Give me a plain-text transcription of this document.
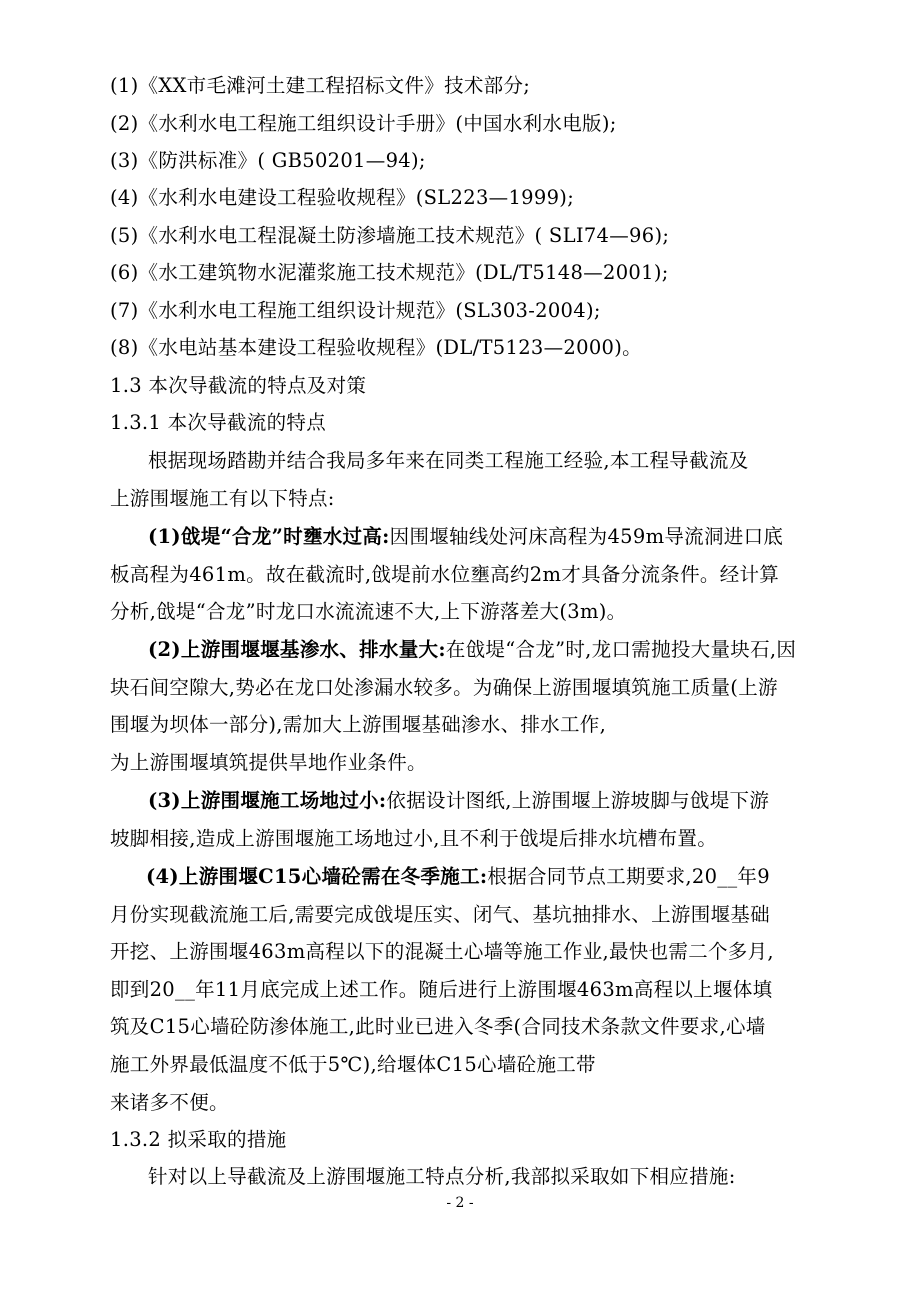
(1)《XX市毛滩河土建工程招标文件》技术部分;
(2)《水利水电工程施工组织设计手册》(中国水利水电版);
(3)《防洪标准》( GB50201—94);
(4)《水利水电建设工程验收规程》(SL223—1999);
(5)《水利水电工程混凝土防渗墙施工技术规范》( SLI74—96);
(6)《水工建筑物水泥灌浆施工技术规范》(DL/T5148—2001);
(7)《水利水电工程施工组织设计规范》(SL303-2004);
(8)《水电站基本建设工程验收规程》(DL/T5123—2000)。
1.3 本次导截流的特点及对策
1.3.1 本次导截流的特点
根据现场踏勘并结合我局多年来在同类工程施工经验,本工程导截流及
上游围堰施工有以下特点:
(1)戗堤“合龙”时壅水过高:因围堰轴线处河床高程为459m导流洞进口底
板高程为461m。故在截流时,戗堤前水位壅高约2m才具备分流条件。经计算
分析,戗堤“合龙”时龙口水流流速不大,上下游落差大(3m)。
(2)上游围堰堰基渗水、排水量大:在戗堤“合龙”时,龙口需抛投大量块石,因
块石间空隙大,势必在龙口处渗漏水较多。为确保上游围堰填筑施工质量(上游
围堰为坝体一部分),需加大上游围堰基础渗水、排水工作,
为上游围堰填筑提供旱地作业条件。
(3)上游围堰施工场地过小:依据设计图纸,上游围堰上游坡脚与戗堤下游
坡脚相接,造成上游围堰施工场地过小,且不利于戗堤后排水坑槽布置。
(4)上游围堰C15心墙砼需在冬季施工:根据合同节点工期要求,20__年9
月份实现截流施工后,需要完成戗堤压实、闭气、基坑抽排水、上游围堰基础
开挖、上游围堰463m高程以下的混凝土心墙等施工作业,最快也需二个多月,
即到20__年11月底完成上述工作。随后进行上游围堰463m高程以上堰体填
筑及C15心墙砼防渗体施工,此时业已进入冬季(合同技术条款文件要求,心墙
施工外界最低温度不低于5℃),给堰体C15心墙砼施工带
来诸多不便。
1.3.2 拟采取的措施
针对以上导截流及上游围堰施工特点分析,我部拟采取如下相应措施:
- 2 -
